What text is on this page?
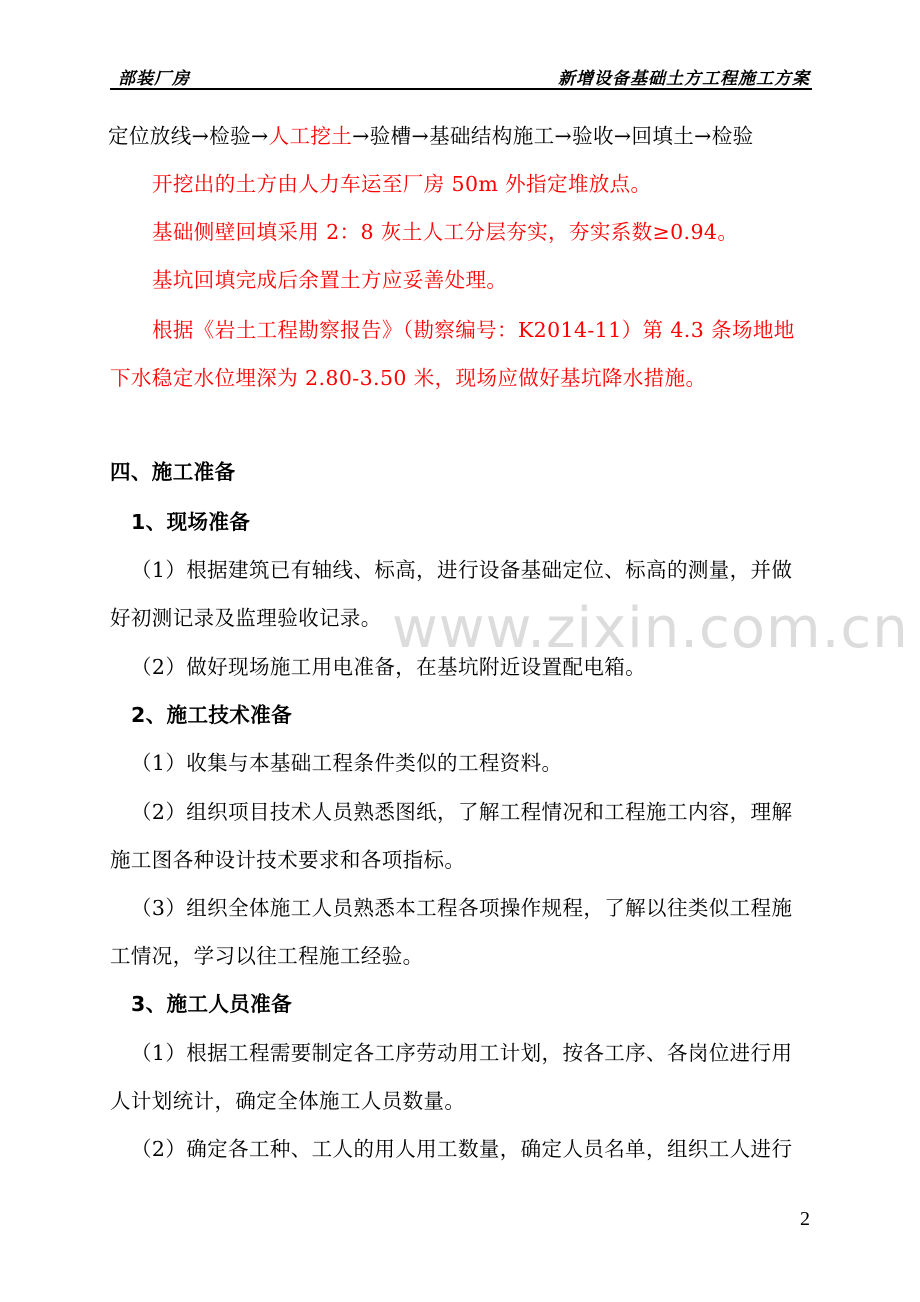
部装厂房	新增设备基础土方工程施工方案
定位放线→检验→人工挖土→验槽→基础结构施工→验收→回填土→检验
开挖出的土方由人力车运至厂房 50m 外指定堆放点。
基础侧壁回填采用 2：8 灰土人工分层夯实，夯实系数≥0.94。
基坑回填完成后余置土方应妥善处理。
根据《岩土工程勘察报告》（勘察编号：K2014-11）第 4.3 条场地地
下水稳定水位埋深为 2.80-3.50 米，现场应做好基坑降水措施。
四、施工准备
1、现场准备
（1）根据建筑已有轴线、标高，进行设备基础定位、标高的测量，并做
好初测记录及监理验收记录。
（2）做好现场施工用电准备，在基坑附近设置配电箱。
2、施工技术准备
（1）收集与本基础工程条件类似的工程资料。
（2）组织项目技术人员熟悉图纸，了解工程情况和工程施工内容，理解
施工图各种设计技术要求和各项指标。
（3）组织全体施工人员熟悉本工程各项操作规程，了解以往类似工程施
工情况，学习以往工程施工经验。
3、施工人员准备
（1）根据工程需要制定各工序劳动用工计划，按各工序、各岗位进行用
人计划统计，确定全体施工人员数量。
（2）确定各工种、工人的用人用工数量，确定人员名单，组织工人进行
www.zixin.com.cn
2
